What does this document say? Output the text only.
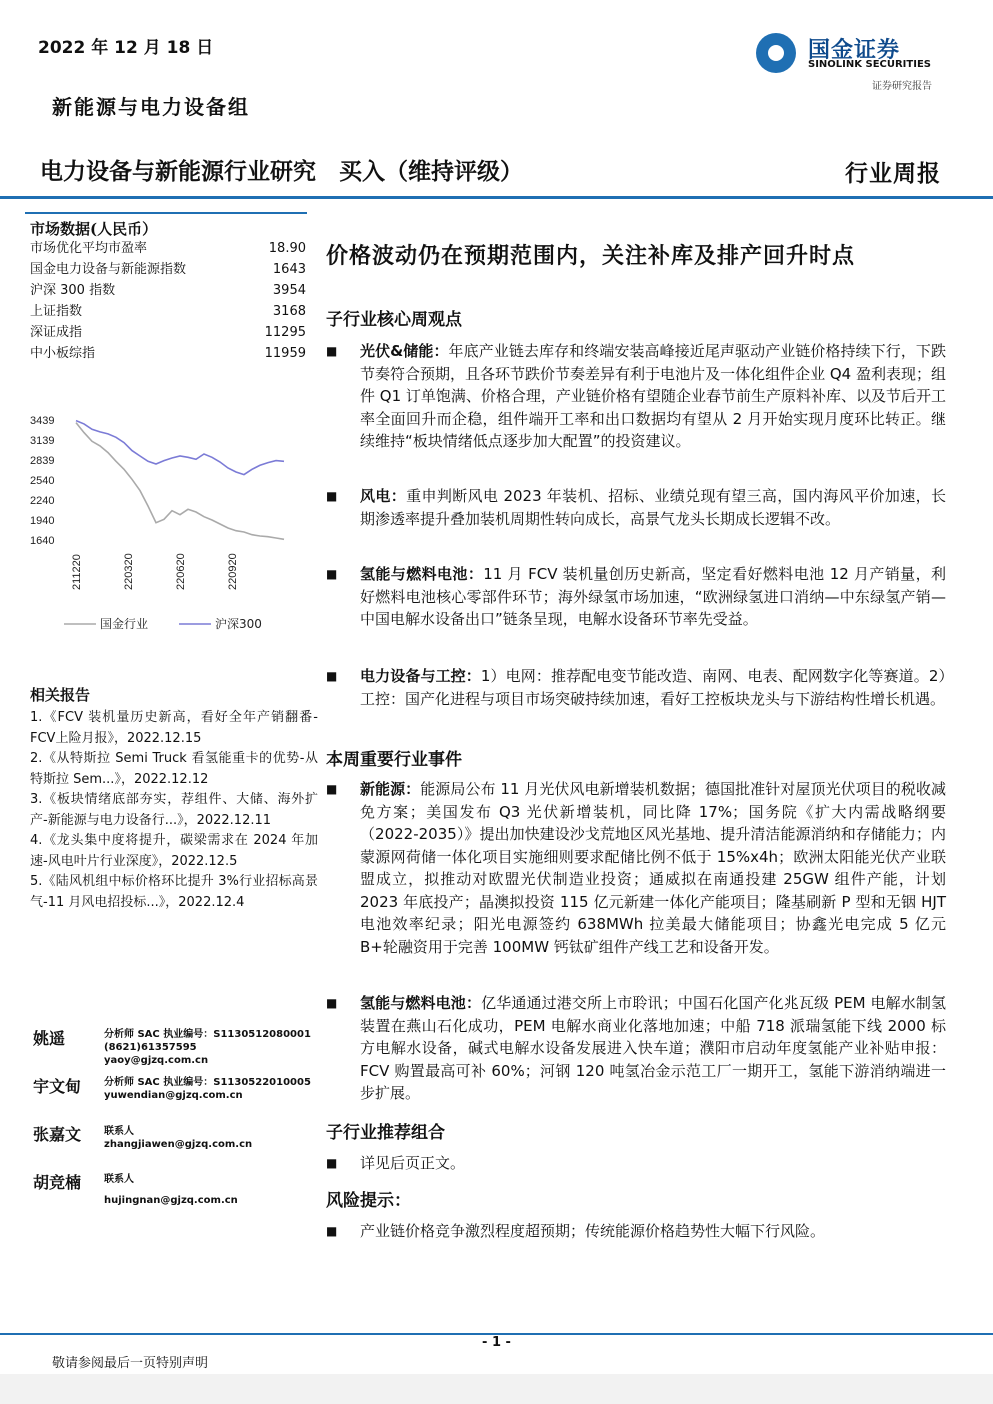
2022 年 12 月 18 日
新能源与电力设备组
国金证券
SINOLINK SECURITIES
证券研究报告
电力设备与新能源行业研究　买入（维持评级）	行业周报
市场数据(人民币）
市场优化平均市盈率	18.90
国金电力设备与新能源指数	1643
沪深 300 指数	3954
上证指数	3168
深证成指	11295
中小板综指	11959
3439
3139
2839
2540
2240
1940
1640
211220	220320	220620	220920
国金行业	沪深300
相关报告
1.《FCV 装机量历史新高，看好全年产销翻番-FCV上险月报》，2022.12.15
2.《从特斯拉 Semi Truck 看氢能重卡的优势-从特斯拉 Sem...》，2022.12.12
3.《板块情绪底部夯实，荐组件、大储、海外扩产-新能源与电力设备行...》，2022.12.11
4.《龙头集中度将提升，碳梁需求在 2024 年加速-风电叶片行业深度》，2022.12.5
5.《陆风机组中标价格环比提升 3%行业招标高景气-11 月风电招投标...》，2022.12.4
姚遥	分析师 SAC 执业编号：S1130512080001
(8621)61357595
yaoy@gjzq.com.cn
宇文甸 分析师 SAC 执业编号：S1130522010005
yuwendian@gjzq.com.cn
张嘉文 联系人
zhangjiawen@gjzq.com.cn
胡竞楠 联系人
hujingnan@gjzq.com.cn
价格波动仍在预期范围内，关注补库及排产回升时点
子行业核心周观点
■ 光伏&储能：年底产业链去库存和终端安装高峰接近尾声驱动产业链价格持续下行，下跌节奏符合预期，且各环节跌价节奏差异有利于电池片及一体化组件企业 Q4 盈利表现；组件 Q1 订单饱满、价格合理，产业链价格有望随企业春节前生产原料补库、以及节后开工率全面回升而企稳，组件端开工率和出口数据均有望从 2 月开始实现月度环比转正。继续维持“板块情绪低点逐步加大配置”的投资建议。
■ 风电：重申判断风电 2023 年装机、招标、业绩兑现有望三高，国内海风平价加速，长期渗透率提升叠加装机周期性转向成长，高景气龙头长期成长逻辑不改。
■ 氢能与燃料电池：11 月 FCV 装机量创历史新高，坚定看好燃料电池 12 月产销量，利好燃料电池核心零部件环节；海外绿氢市场加速，“欧洲绿氢进口消纳—中东绿氢产销—中国电解水设备出口”链条呈现，电解水设备环节率先受益。
■ 电力设备与工控：1）电网：推荐配电变节能改造、南网、电表、配网数字化等赛道。2）工控：国产化进程与项目市场突破持续加速，看好工控板块龙头与下游结构性增长机遇。
本周重要行业事件
■ 新能源：能源局公布 11 月光伏风电新增装机数据；德国批准针对屋顶光伏项目的税收减免方案；美国发布 Q3 光伏新增装机，同比降 17%；国务院《扩大内需战略纲要（2022-2035）》提出加快建设沙戈荒地区风光基地、提升清洁能源消纳和存储能力；内蒙源网荷储一体化项目实施细则要求配储比例不低于 15%x4h；欧洲太阳能光伏产业联盟成立，拟推动对欧盟光伏制造业投资；通威拟在南通投建 25GW 组件产能，计划 2023 年底投产；晶澳拟投资 115 亿元新建一体化产能项目；隆基刷新 P 型和无铟 HJT 电池效率纪录；阳光电源签约 638MWh 拉美最大储能项目；协鑫光电完成 5 亿元 B+轮融资用于完善 100MW 钙钛矿组件产线工艺和设备开发。
■ 氢能与燃料电池：亿华通通过港交所上市聆讯；中国石化国产化兆瓦级 PEM 电解水制氢装置在燕山石化成功，PEM 电解水商业化落地加速；中船 718 派瑞氢能下线 2000 标方电解水设备，碱式电解水设备发展进入快车道；濮阳市启动年度氢能产业补贴申报：FCV 购置最高可补 60%；河钢 120 吨氢冶金示范工厂一期开工，氢能下游消纳端进一步扩展。
子行业推荐组合
■ 详见后页正文。
风险提示：
■ 产业链价格竞争激烈程度超预期；传统能源价格趋势性大幅下行风险。
- 1 -
敬请参阅最后一页特别声明
